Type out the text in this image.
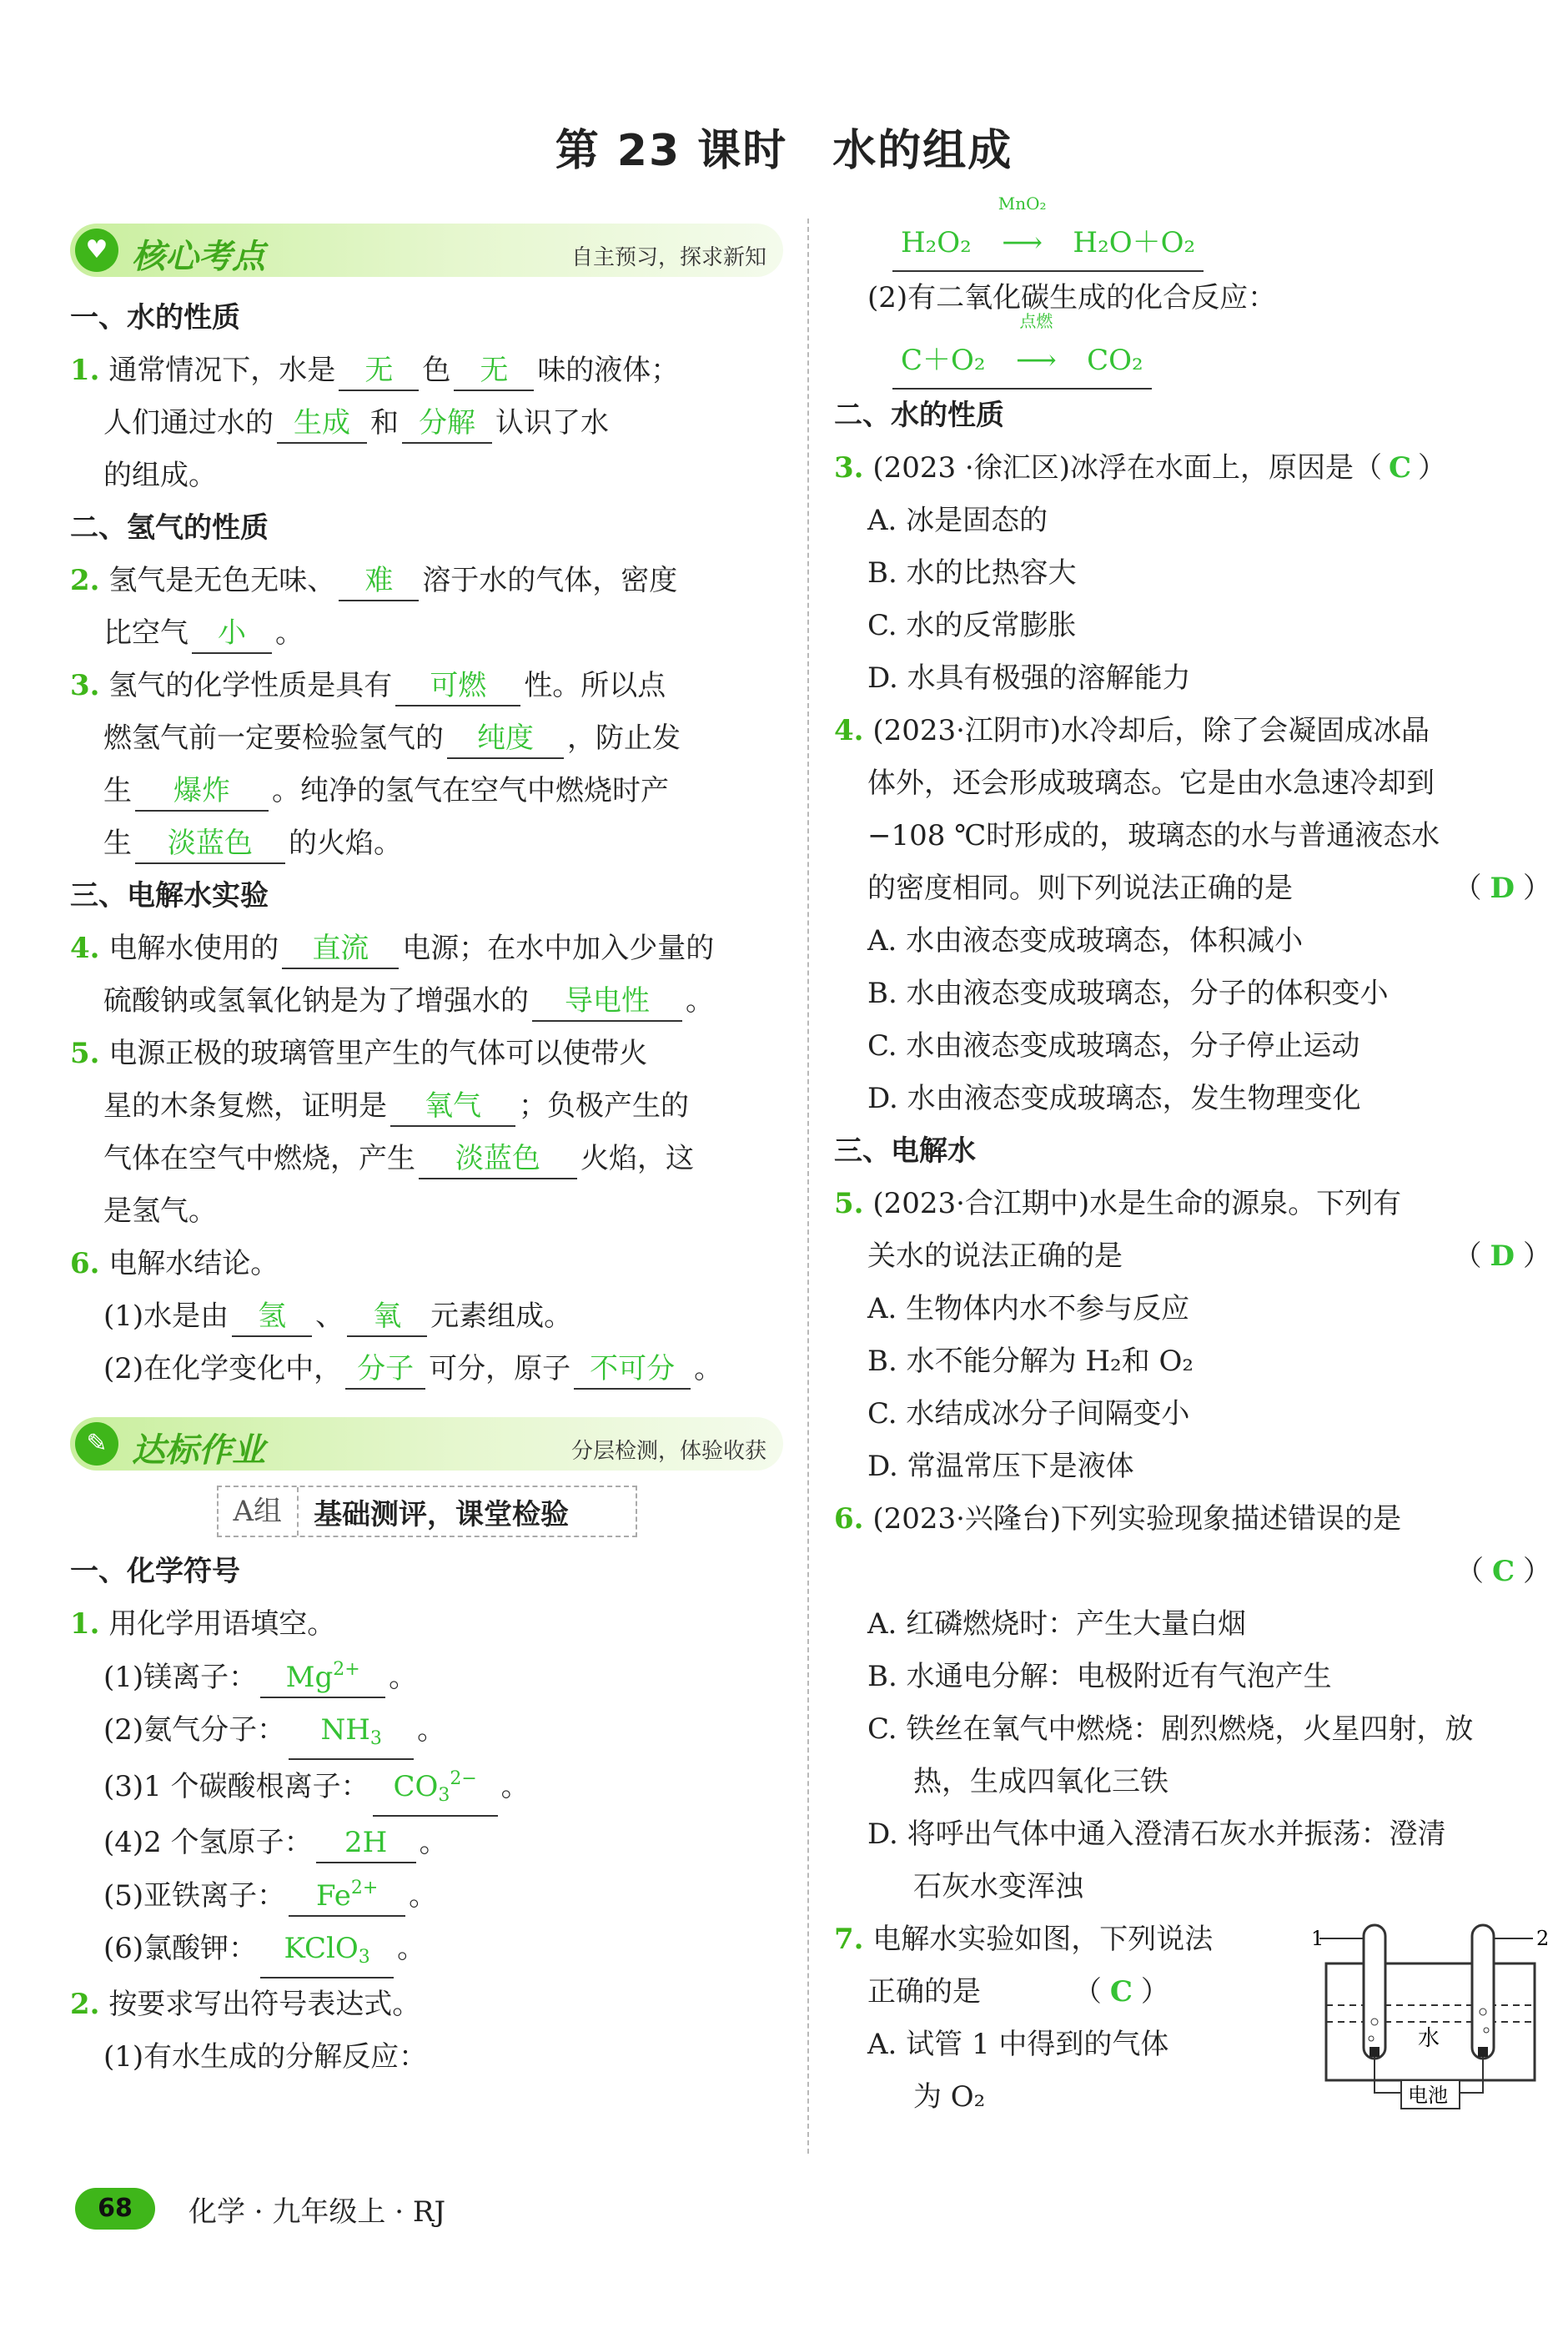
第 23 课时　水的组成
♥ 核心考点	自主预习，探求新知
一、水的性质
1. 通常情况下，水是 无 色 无 味的液体；
人们通过水的 生成 和 分解 认识了水
的组成。
二、氢气的性质
2. 氢气是无色无味、 难 溶于水的气体，密度
比空气 小 。
3. 氢气的化学性质是具有 可燃 性。所以点
燃氢气前一定要检验氢气的 纯度 ，防止发
生 爆炸 。纯净的氢气在空气中燃烧时产
生 淡蓝色 的火焰。
三、电解水实验
4. 电解水使用的 直流 电源；在水中加入少量的
硫酸钠或氢氧化钠是为了增强水的 导电性 。
5. 电源正极的玻璃管里产生的气体可以使带火
星的木条复燃，证明是 氧气 ；负极产生的
气体在空气中燃烧，产生 淡蓝色 火焰，这
是氢气。
6. 电解水结论。
(1)水是由 氢 、 氧 元素组成。
(2)在化学变化中， 分子 可分，原子 不可分 。
✎ 达标作业	分层检测，体验收获
A组	基础测评，课堂检验
一、化学符号
1. 用化学用语填空。
(1)镁离子： $Mg^{2+}$ 。
(2)氨气分子： $NH_3$ 。
(3)1 个碳酸根离子： $CO_3^{2-}$ 。
(4)2 个氢原子： 2H 。
(5)亚铁离子： $Fe^{2+}$ 。
(6)氯酸钾： KClO$_3$ 。
2. 按要求写出符号表达式。
(1)有水生成的分解反应：
H₂O₂
MnO₂
⟶ H₂O＋O₂
(2)有二氧化碳生成的化合反应：
C＋O₂
点燃
⟶ CO₂
二、水的性质
3. (2023 ·徐汇区)冰浮在水面上，原因是（ C ）
A. 冰是固态的
B. 水的比热容大
C. 水的反常膨胀
D. 水具有极强的溶解能力
4. (2023·江阴市)水冷却后，除了会凝固成冰晶
体外，还会形成玻璃态。它是由水急速冷却到
−108 ℃时形成的，玻璃态的水与普通液态水
的密度相同。则下列说法正确的是	（ D ）
A. 水由液态变成玻璃态，体积减小
B. 水由液态变成玻璃态，分子的体积变小
C. 水由液态变成玻璃态，分子停止运动
D. 水由液态变成玻璃态，发生物理变化
三、电解水
5. (2023·合江期中)水是生命的源泉。下列有
关水的说法正确的是	（ D ）
A. 生物体内水不参与反应
B. 水不能分解为 H₂和 O₂
C. 水结成冰分子间隔变小
D. 常温常压下是液体
6. (2023·兴隆台)下列实验现象描述错误的是
（ C ）
A. 红磷燃烧时：产生大量白烟
B. 水通电分解：电极附近有气泡产生
C. 铁丝在氧气中燃烧：剧烈燃烧，火星四射，放
热，生成四氧化三铁
D. 将呼出气体中通入澄清石灰水并振荡：澄清
石灰水变浑浊
7. 电解水实验如图，下列说法
正确的是	（ C ）
A. 试管 1 中得到的气体
为 O₂
1	2
水
电池
68	化学 · 九年级上 · RJ
